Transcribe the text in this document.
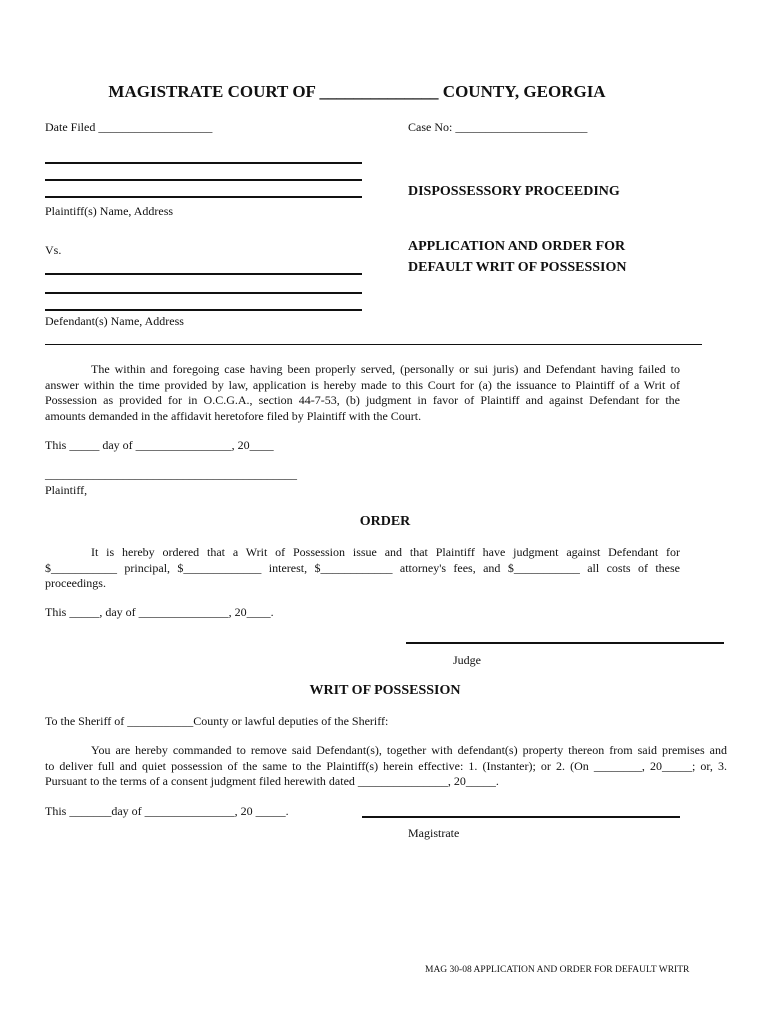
MAGISTRATE COURT OF ______________ COUNTY, GEORGIA
Date Filed ___________________	Case No: ______________________
Plaintiff(s) Name, Address
DISPOSSESSORY PROCEEDING
Vs.	APPLICATION AND ORDER FOR
DEFAULT WRIT OF POSSESSION
Defendant(s) Name, Address
The within and foregoing case having been properly served, (personally or sui juris) and Defendant having failed to
answer within the time provided by law, application is hereby made to this Court for (a) the issuance to Plaintiff of a Writ of
Possession as provided for in O.C.G.A., section 44-7-53, (b) judgment in favor of Plaintiff and against Defendant for the
amounts demanded in the affidavit heretofore filed by Plaintiff with the Court.
This _____ day of ________________, 20____
__________________________________________
Plaintiff,
ORDER
It is hereby ordered that a Writ of Possession issue and that Plaintiff have judgment against Defendant for
$___________ principal, $_____________ interest, $____________ attorney's fees, and $___________ all costs of these
proceedings.
This _____, day of _______________, 20____.
Judge
WRIT OF POSSESSION
To the Sheriff of ___________County or lawful deputies of the Sheriff:
You are hereby commanded to remove said Defendant(s), together with defendant(s) property thereon from said premises and
to deliver full and quiet possession of the same to the Plaintiff(s) herein effective: 1. (Instanter); or 2. (On ________, 20_____; or, 3.
Pursuant to the terms of a consent judgment filed herewith dated _______________, 20_____.
This _______day of _______________, 20 _____.
Magistrate
MAG 30-08 APPLICATION AND ORDER FOR DEFAULT WRITR
